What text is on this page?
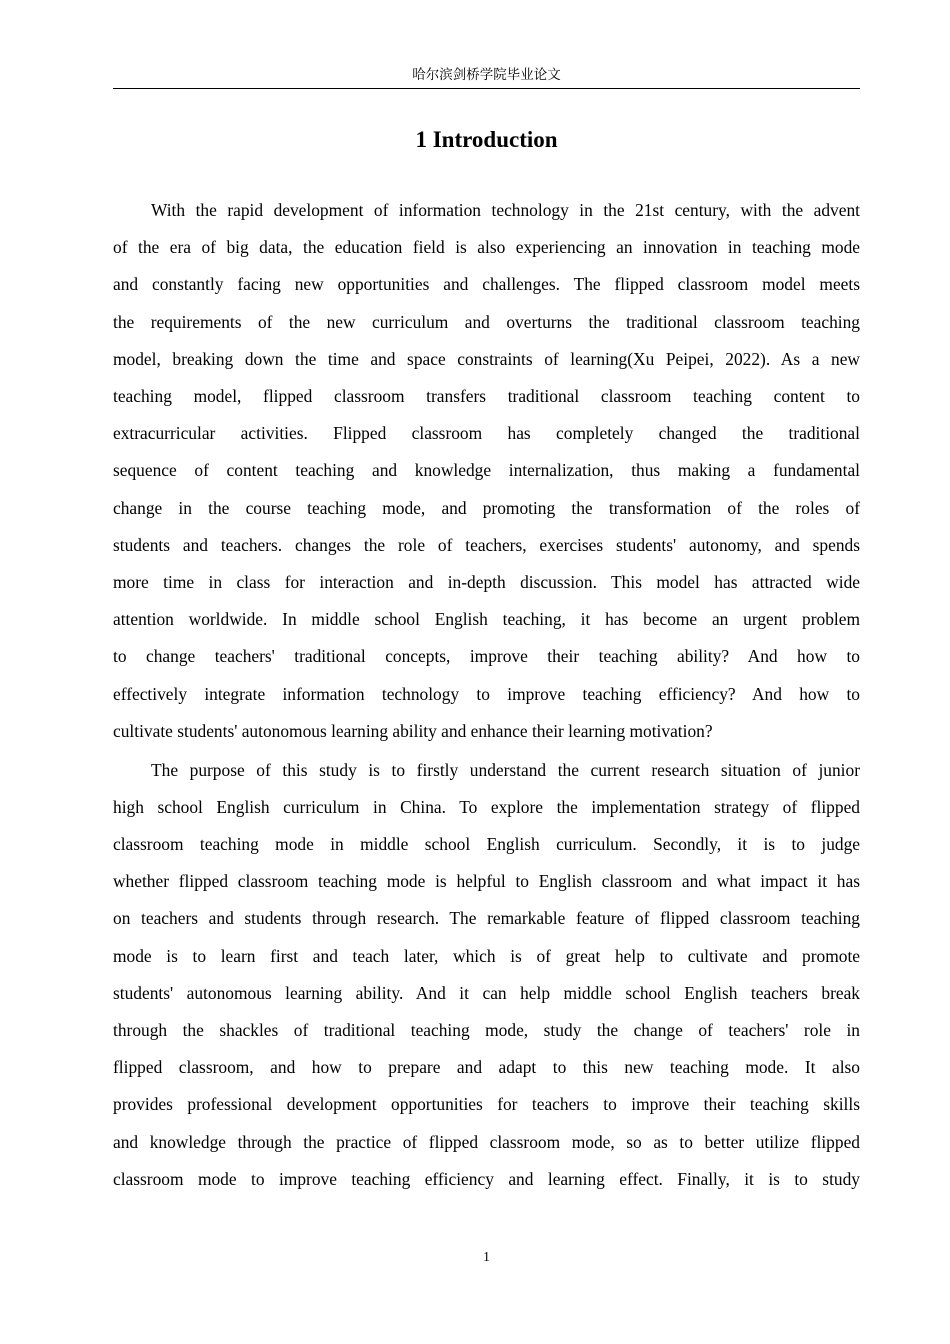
哈尔滨剑桥学院毕业论文
1 Introduction

With the rapid development of information technology in the 21st century, with the advent
of the era of big data, the education field is also experiencing an innovation in teaching mode
and constantly facing new opportunities and challenges. The flipped classroom model meets
the requirements of the new curriculum and overturns the traditional classroom teaching
model, breaking down the time and space constraints of learning(Xu Peipei, 2022). As a new
teaching model, flipped classroom transfers traditional classroom teaching content to
extracurricular activities. Flipped classroom has completely changed the traditional
sequence of content teaching and knowledge internalization, thus making a fundamental
change in the course teaching mode, and promoting the transformation of the roles of
students and teachers. changes the role of teachers, exercises students' autonomy, and spends
more time in class for interaction and in-depth discussion. This model has attracted wide
attention worldwide. In middle school English teaching, it has become an urgent problem
to change teachers' traditional concepts, improve their teaching ability? And how to
effectively integrate information technology to improve teaching efficiency? And how to
cultivate students' autonomous learning ability and enhance their learning motivation?

The purpose of this study is to firstly understand the current research situation of junior
high school English curriculum in China. To explore the implementation strategy of flipped
classroom teaching mode in middle school English curriculum. Secondly, it is to judge
whether flipped classroom teaching mode is helpful to English classroom and what impact it has
on teachers and students through research. The remarkable feature of flipped classroom teaching
mode is to learn first and teach later, which is of great help to cultivate and promote
students' autonomous learning ability. And it can help middle school English teachers break
through the shackles of traditional teaching mode, study the change of teachers' role in
flipped classroom, and how to prepare and adapt to this new teaching mode. It also
provides professional development opportunities for teachers to improve their teaching skills
and knowledge through the practice of flipped classroom mode, so as to better utilize flipped
classroom mode to improve teaching efficiency and learning effect. Finally, it is to study

1
